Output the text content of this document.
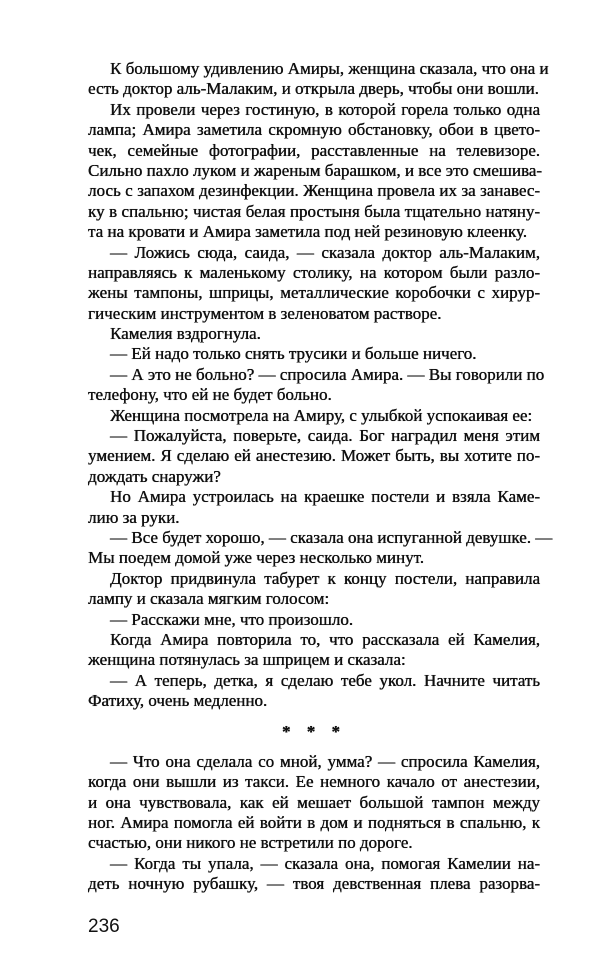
К большому удивлению Амиры, женщина сказала, что она и
есть доктор аль-Малаким, и открыла дверь, чтобы они вошли.
Их провели через гостиную, в которой горела только одна
лампа; Амира заметила скромную обстановку, обои в цвето-
чек, семейные фотографии, расставленные на телевизоре.
Сильно пахло луком и жареным барашком, и все это смешива-
лось с запахом дезинфекции. Женщина провела их за занавес-
ку в спальню; чистая белая простыня была тщательно натяну-
та на кровати и Амира заметила под ней резиновую клеенку.
— Ложись сюда, саида, — сказала доктор аль-Малаким,
направляясь к маленькому столику, на котором были разло-
жены тампоны, шприцы, металлические коробочки с хирур-
гическим инструментом в зеленоватом растворе.
Камелия вздрогнула.
— Ей надо только снять трусики и больше ничего.
— А это не больно? — спросила Амира. — Вы говорили по
телефону, что ей не будет больно.
Женщина посмотрела на Амиру, с улыбкой успокаивая ее:
— Пожалуйста, поверьте, саида. Бог наградил меня этим
умением. Я сделаю ей анестезию. Может быть, вы хотите по-
дождать снаружи?
Но Амира устроилась на краешке постели и взяла Каме-
лию за руки.
— Все будет хорошо, — сказала она испуганной девушке. —
Мы поедем домой уже через несколько минут.
Доктор придвинула табурет к концу постели, направила
лампу и сказала мягким голосом:
— Расскажи мне, что произошло.
Когда Амира повторила то, что рассказала ей Камелия,
женщина потянулась за шприцем и сказала:
— А теперь, детка, я сделаю тебе укол. Начните читать
Фатиху, очень медленно.
* * *
— Что она сделала со мной, умма? — спросила Камелия,
когда они вышли из такси. Ее немного качало от анестезии,
и она чувствовала, как ей мешает большой тампон между
ног. Амира помогла ей войти в дом и подняться в спальню, к
счастью, они никого не встретили по дороге.
— Когда ты упала, — сказала она, помогая Камелии на-
деть ночную рубашку, — твоя девственная плева разорва-
236
